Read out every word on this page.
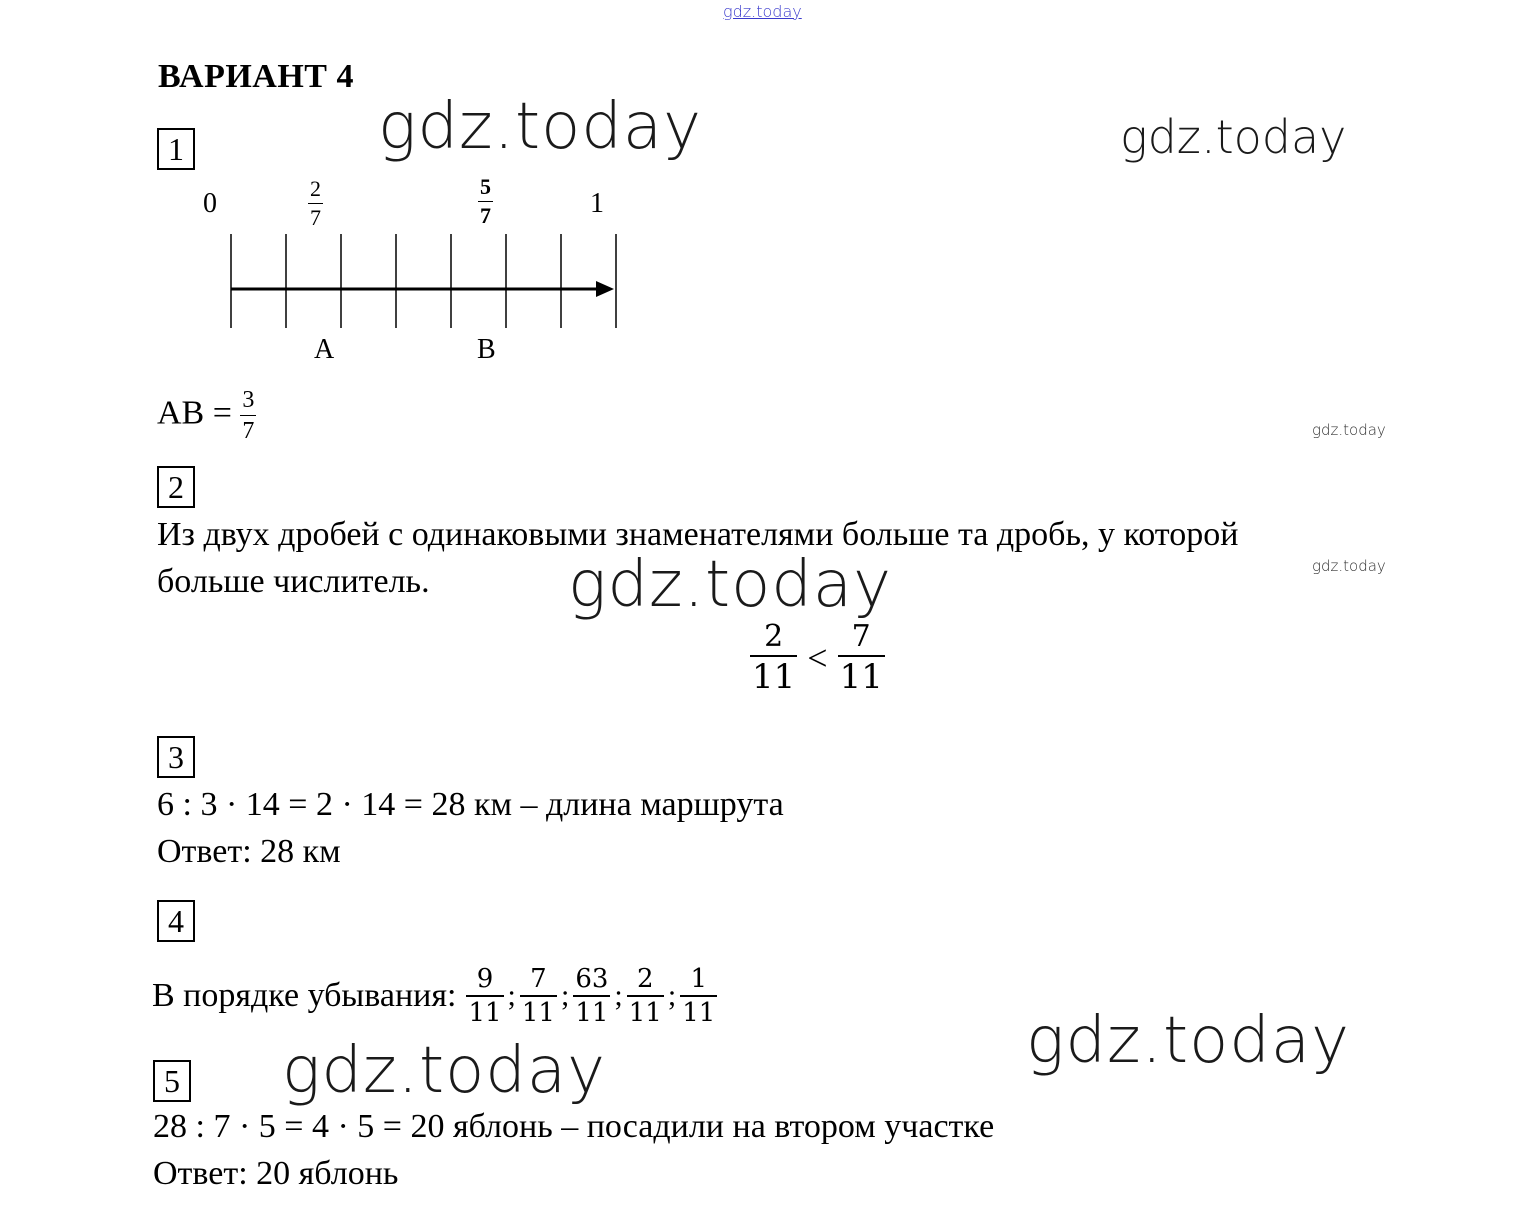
gdz.today
gdz.today	gdz.today
gdz.today
gdz.today
gdz.today
gdz.today
gdz.today
ВАРИАНТ 4
1
0	$\frac{2}{7}$	$\frac{5}{7}$	1
A	B
AB = $\frac{3}{7}$
2
Из двух дробей с одинаковыми знаменателями больше та дробь, у которой
больше числитель.
$\frac{2}{11} < \frac{7}{11}$
3
6 : 3 · 14 = 2 · 14 = 28 км – длина маршрута
Ответ: 28 км
4
В порядке убывания: $\frac{9}{11}$ ; $\frac{7}{11}$ ; $\frac{63}{11}$ ; $\frac{2}{11}$ ; $\frac{1}{11}$
5
28 : 7 · 5 = 4 · 5 = 20 яблонь – посадили на втором участке
Ответ: 20 яблонь
